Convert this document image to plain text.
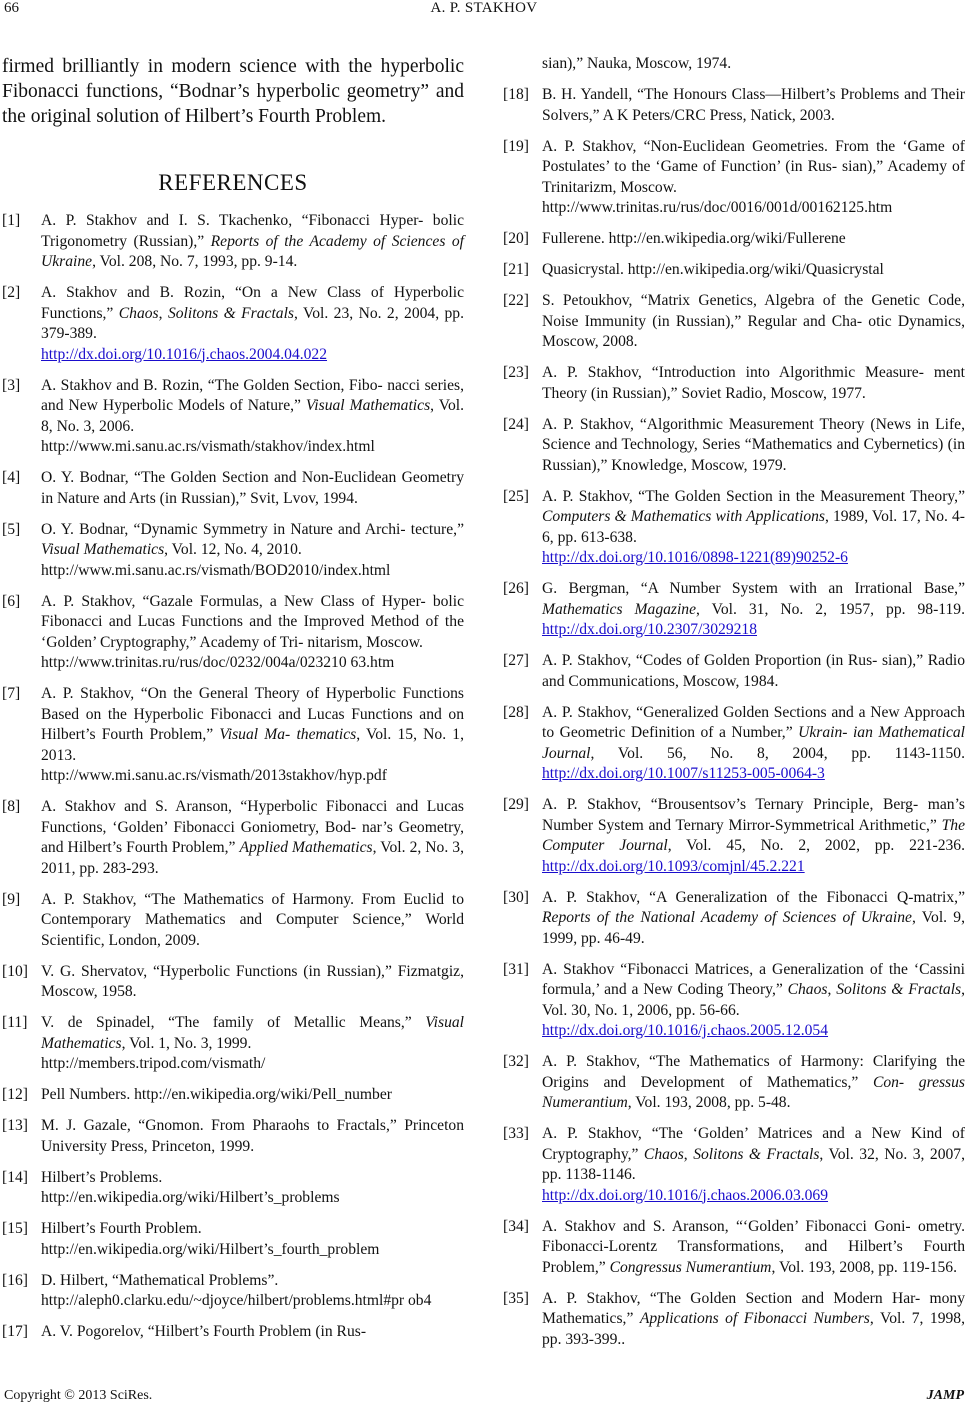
66	A. P. STAKHOV

firmed brilliantly in modern science with the hyperbolic Fibonacci functions, “Bodnar’s hyperbolic geometry” and the original solution of Hilbert’s Fourth Problem.

REFERENCES
[1] A. P. Stakhov and I. S. Tkachenko, “Fibonacci Hyper- bolic Trigonometry (Russian),” Reports of the Academy of Sciences of Ukraine, Vol. 208, No. 7, 1993, pp. 9-14.
[2] A. Stakhov and B. Rozin, “On a New Class of Hyperbolic Functions,” Chaos, Solitons & Fractals, Vol. 23, No. 2, 2004, pp. 379-389.
http://dx.doi.org/10.1016/j.chaos.2004.04.022
[3] A. Stakhov and B. Rozin, “The Golden Section, Fibo- nacci series, and New Hyperbolic Models of Nature,” Visual Mathematics, Vol. 8, No. 3, 2006.
http://www.mi.sanu.ac.rs/vismath/stakhov/index.html
[4] O. Y. Bodnar, “The Golden Section and Non-Euclidean Geometry in Nature and Arts (in Russian),” Svit, Lvov, 1994.
[5] O. Y. Bodnar, “Dynamic Symmetry in Nature and Archi- tecture,” Visual Mathematics, Vol. 12, No. 4, 2010.
http://www.mi.sanu.ac.rs/vismath/BOD2010/index.html
[6] A. P. Stakhov, “Gazale Formulas, a New Class of Hyper- bolic Fibonacci and Lucas Functions and the Improved Method of the ‘Golden’ Cryptography,” Academy of Tri- nitarism, Moscow.
http://www.trinitas.ru/rus/doc/0232/004a/023210 63.htm
[7] A. P. Stakhov, “On the General Theory of Hyperbolic Functions Based on the Hyperbolic Fibonacci and Lucas Functions and on Hilbert’s Fourth Problem,” Visual Ma- thematics, Vol. 15, No. 1, 2013.
http://www.mi.sanu.ac.rs/vismath/2013stakhov/hyp.pdf
[8] A. Stakhov and S. Aranson, “Hyperbolic Fibonacci and Lucas Functions, ‘Golden’ Fibonacci Goniometry, Bod- nar’s Geometry, and Hilbert’s Fourth Problem,” Applied Mathematics, Vol. 2, No. 3, 2011, pp. 283-293.
[9] A. P. Stakhov, “The Mathematics of Harmony. From Euclid to Contemporary Mathematics and Computer Science,” World Scientific, London, 2009.
[10] V. G. Shervatov, “Hyperbolic Functions (in Russian),” Fizmatgiz, Moscow, 1958.
[11] V. de Spinadel, “The family of Metallic Means,” Visual Mathematics, Vol. 1, No. 3, 1999.
http://members.tripod.com/vismath/
[12] Pell Numbers. http://en.wikipedia.org/wiki/Pell_number
[13] M. J. Gazale, “Gnomon. From Pharaohs to Fractals,” Princeton University Press, Princeton, 1999.
[14] Hilbert’s Problems.
http://en.wikipedia.org/wiki/Hilbert’s_problems
[15] Hilbert’s Fourth Problem.
http://en.wikipedia.org/wiki/Hilbert’s_fourth_problem
[16] D. Hilbert, “Mathematical Problems”.
http://aleph0.clarku.edu/~djoyce/hilbert/problems.html#pr ob4
[17] A. V. Pogorelov, “Hilbert’s Fourth Problem (in Rus-
sian),” Nauka, Moscow, 1974.
[18] B. H. Yandell, “The Honours Class—Hilbert’s Problems and Their Solvers,” A K Peters/CRC Press, Natick, 2003.
[19] A. P. Stakhov, “Non-Euclidean Geometries. From the ‘Game of Postulates’ to the ‘Game of Function’ (in Rus- sian),” Academy of Trinitarizm, Moscow.
http://www.trinitas.ru/rus/doc/0016/001d/00162125.htm
[20] Fullerene. http://en.wikipedia.org/wiki/Fullerene
[21] Quasicrystal. http://en.wikipedia.org/wiki/Quasicrystal
[22] S. Petoukhov, “Matrix Genetics, Algebra of the Genetic Code, Noise Immunity (in Russian),” Regular and Cha- otic Dynamics, Moscow, 2008.
[23] A. P. Stakhov, “Introduction into Algorithmic Measure- ment Theory (in Russian),” Soviet Radio, Moscow, 1977.
[24] A. P. Stakhov, “Algorithmic Measurement Theory (News in Life, Science and Technology, Series “Mathematics and Cybernetics) (in Russian),” Knowledge, Moscow, 1979.
[25] A. P. Stakhov, “The Golden Section in the Measurement Theory,” Computers & Mathematics with Applications, 1989, Vol. 17, No. 4-6, pp. 613-638.
http://dx.doi.org/10.1016/0898-1221(89)90252-6
[26] G. Bergman, “A Number System with an Irrational Base,” Mathematics Magazine, Vol. 31, No. 2, 1957, pp. 98-119. http://dx.doi.org/10.2307/3029218
[27] A. P. Stakhov, “Codes of Golden Proportion (in Rus- sian),” Radio and Communications, Moscow, 1984.
[28] A. P. Stakhov, “Generalized Golden Sections and a New Approach to Geometric Definition of a Number,” Ukrain- ian Mathematical Journal, Vol. 56, No. 8, 2004, pp. 1143-1150. http://dx.doi.org/10.1007/s11253-005-0064-3
[29] A. P. Stakhov, “Brousentsov’s Ternary Principle, Berg- man’s Number System and Ternary Mirror-Symmetrical Arithmetic,” The Computer Journal, Vol. 45, No. 2, 2002, pp. 221-236. http://dx.doi.org/10.1093/comjnl/45.2.221
[30] A. P. Stakhov, “A Generalization of the Fibonacci Q-matrix,” Reports of the National Academy of Sciences of Ukraine, Vol. 9, 1999, pp. 46-49.
[31] A. Stakhov “Fibonacci Matrices, a Generalization of the ‘Cassini formula,’ and a New Coding Theory,” Chaos, Solitons & Fractals, Vol. 30, No. 1, 2006, pp. 56-66.
http://dx.doi.org/10.1016/j.chaos.2005.12.054
[32] A. P. Stakhov, “The Mathematics of Harmony: Clarifying the Origins and Development of Mathematics,” Con- gressus Numerantium, Vol. 193, 2008, pp. 5-48.
[33] A. P. Stakhov, “The ‘Golden’ Matrices and a New Kind of Cryptography,” Chaos, Solitons & Fractals, Vol. 32, No. 3, 2007, pp. 1138-1146.
http://dx.doi.org/10.1016/j.chaos.2006.03.069
[34] A. Stakhov and S. Aranson, “‘Golden’ Fibonacci Goni- ometry. Fibonacci-Lorentz Transformations, and Hilbert’s Fourth Problem,” Congressus Numerantium, Vol. 193, 2008, pp. 119-156.
[35] A. P. Stakhov, “The Golden Section and Modern Har- mony Mathematics,” Applications of Fibonacci Numbers, Vol. 7, 1998, pp. 393-399..
Copyright © 2013 SciRes.	JAMP
